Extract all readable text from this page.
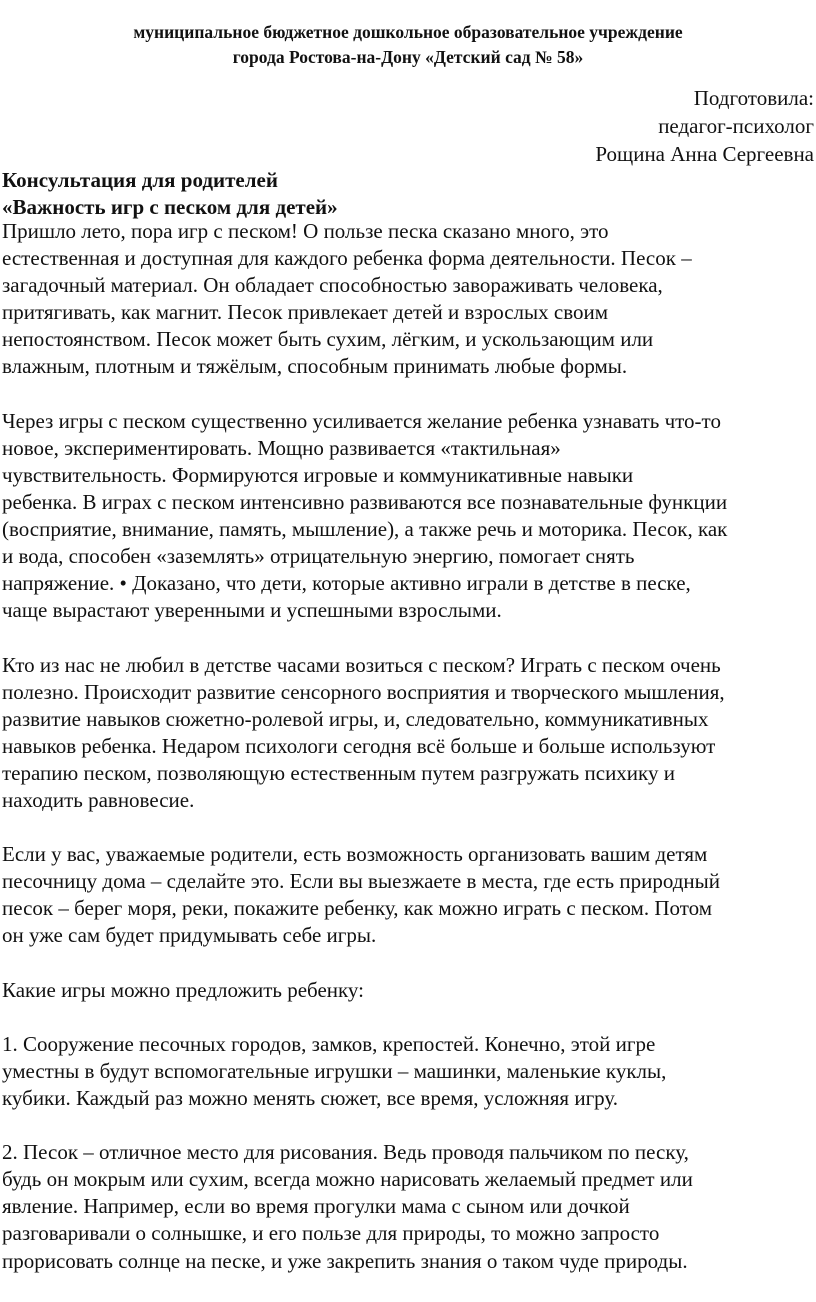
муниципальное бюджетное дошкольное образовательное учреждение
города Ростова-на-Дону «Детский сад № 58»
Подготовила:
педагог-психолог
Рощина Анна Сергеевна
Консультация для родителей
«Важность игр с песком для детей»
Пришло лето, пора игр с песком! О пользе песка сказано много, это
естественная и доступная для каждого ребенка форма деятельности. Песок –
загадочный материал. Он обладает способностью завораживать человека,
притягивать, как магнит. Песок привлекает детей и взрослых своим
непостоянством. Песок может быть сухим, лёгким, и ускользающим или
влажным, плотным и тяжёлым, способным принимать любые формы.
Через игры с песком существенно усиливается желание ребенка узнавать что-то
новое, экспериментировать. Мощно развивается «тактильная»
чувствительность. Формируются игровые и коммуникативные навыки
ребенка. В играх с песком интенсивно развиваются все познавательные функции
(восприятие, внимание, память, мышление), а также речь и моторика. Песок, как
и вода, способен «заземлять» отрицательную энергию, помогает снять
напряжение. • Доказано, что дети, которые активно играли в детстве в песке,
чаще вырастают уверенными и успешными взрослыми.
Кто из нас не любил в детстве часами возиться с песком? Играть с песком очень
полезно. Происходит развитие сенсорного восприятия и творческого мышления,
развитие навыков сюжетно-ролевой игры, и, следовательно, коммуникативных
навыков ребенка. Недаром психологи сегодня всё больше и больше используют
терапию песком, позволяющую естественным путем разгружать психику и
находить равновесие.
Если у вас, уважаемые родители, есть возможность организовать вашим детям
песочницу дома – сделайте это. Если вы выезжаете в места, где есть природный
песок – берег моря, реки, покажите ребенку, как можно играть с песком. Потом
он уже сам будет придумывать себе игры.
Какие игры можно предложить ребенку:
1. Сооружение песочных городов, замков, крепостей. Конечно, этой игре
уместны в будут вспомогательные игрушки – машинки, маленькие куклы,
кубики. Каждый раз можно менять сюжет, все время, усложняя игру.
2. Песок – отличное место для рисования. Ведь проводя пальчиком по песку,
будь он мокрым или сухим, всегда можно нарисовать желаемый предмет или
явление. Например, если во время прогулки мама с сыном или дочкой
разговаривали о солнышке, и его пользе для природы, то можно запросто
прорисовать солнце на песке, и уже закрепить знания о таком чуде природы.
